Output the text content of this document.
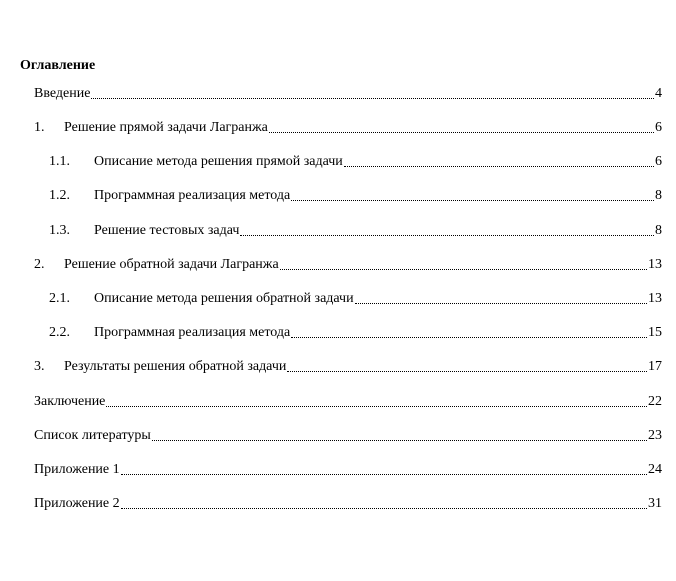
Оглавление
Введение	4
1.	Решение прямой задачи Лагранжа	6
1.1.	Описание метода решения прямой задачи	6
1.2.	Программная реализация метода	8
1.3.	Решение тестовых задач	8
2.	Решение обратной задачи Лагранжа	13
2.1.	Описание метода решения обратной задачи	13
2.2.	Программная реализация метода	15
3.	Результаты решения обратной задачи	17
Заключение	22
Список литературы	23
Приложение 1	24
Приложение 2	31
